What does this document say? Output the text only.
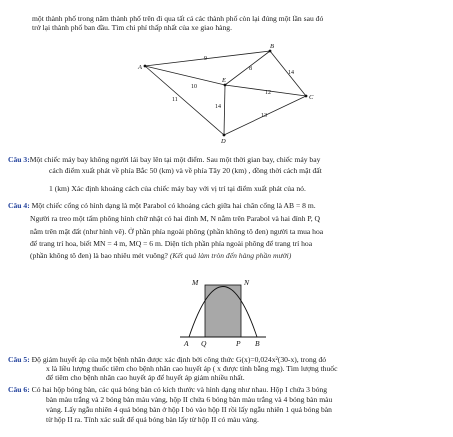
một thành phố trong năm thành phố trên đi qua tất cả các thành phố còn lại đúng một lần sau đó
trở lại thành phố ban đầu. Tìm chi phí thấp nhất của xe giao hàng.
A
B
C
D
E
9
10
11
8
14
12
14
13
Câu 3:Một chiếc máy bay không người lái bay lên tại một điểm. Sau một thời gian bay, chiếc máy bay
cách điểm xuất phát về phía Bắc 50 (km) và về phía Tây 20 (km) , đồng thời cách mặt đất
1 (km) Xác định khoảng cách của chiếc máy bay với vị trí tại điểm xuất phát của nó.
Câu 4: Một chiếc cổng có hình dạng là một Parabol có khoảng cách giữa hai chân cổng là AB = 8 m.
Người ra treo một tấm phông hình chữ nhật có hai đỉnh M, N nằm trên Parabol và hai đỉnh P, Q
nằm trên mặt đất (như hình vẽ). Ở phần phía ngoài phông (phần không tô đen) người ta mua hoa
để trang trí hoa, biết MN = 4 m, MQ = 6 m. Diện tích phần phía ngoài phông để trang trí hoa
(phần không tô đen) là bao nhiêu mét vuông? (Kết quả làm tròn đến hàng phần mười)
M	N
A Q	P B
Câu 5: Độ giảm huyết áp của một bệnh nhân được xác định bởi công thức G(x)=0,024x²(30-x), trong đó
x là liều lượng thuốc tiêm cho bệnh nhân cao huyết áp ( x được tính bằng mg). Tìm lượng thuốc
để tiêm cho bệnh nhân cao huyết áp để huyết áp giảm nhiều nhất.
Câu 6: Có hai hộp bóng bàn, các quả bóng bàn có kích thước và hình dạng như nhau. Hộp I chứa 3 bóng
bàn màu trắng và 2 bóng bàn màu vàng, hộp II chứa 6 bóng bàn màu trắng và 4 bóng bàn màu
vàng. Lấy ngẫu nhiên 4 quả bóng bàn ở hộp I bỏ vào hộp II rồi lấy ngẫu nhiên 1 quả bóng bàn
từ hộp II ra. Tính xác suất để quả bóng bàn lấy từ hộp II có màu vàng.
